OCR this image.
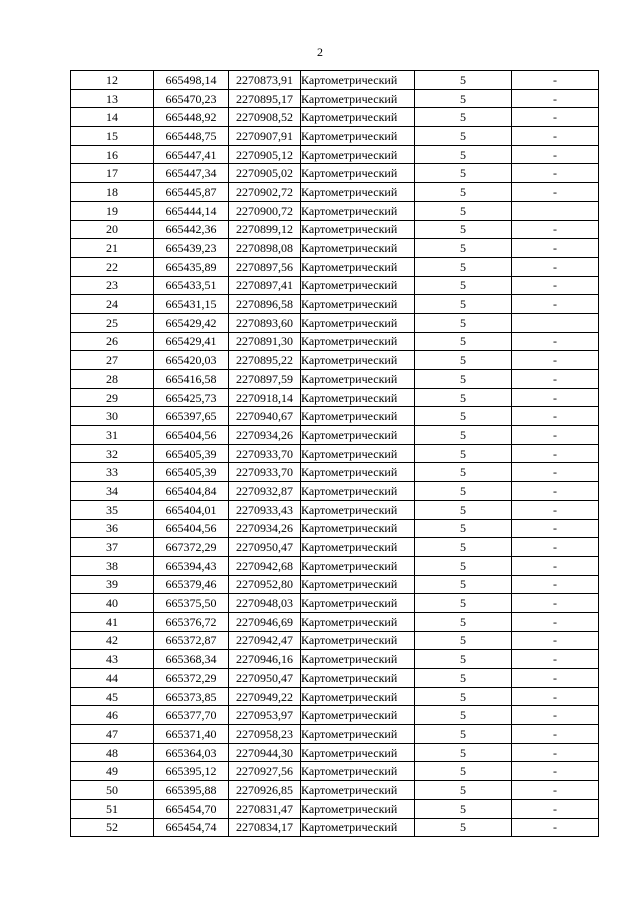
2
12	665498,14	2270873,91	Картометрический	5	-
13	665470,23	2270895,17	Картометрический	5	-
14	665448,92	2270908,52	Картометрический	5	-
15	665448,75	2270907,91	Картометрический	5	-
16	665447,41	2270905,12	Картометрический	5	-
17	665447,34	2270905,02	Картометрический	5	-
18	665445,87	2270902,72	Картометрический	5	-
19	665444,14	2270900,72	Картометрический	5	
20	665442,36	2270899,12	Картометрический	5	-
21	665439,23	2270898,08	Картометрический	5	-
22	665435,89	2270897,56	Картометрический	5	-
23	665433,51	2270897,41	Картометрический	5	-
24	665431,15	2270896,58	Картометрический	5	-
25	665429,42	2270893,60	Картометрический	5	
26	665429,41	2270891,30	Картометрический	5	-
27	665420,03	2270895,22	Картометрический	5	-
28	665416,58	2270897,59	Картометрический	5	-
29	665425,73	2270918,14	Картометрический	5	-
30	665397,65	2270940,67	Картометрический	5	-
31	665404,56	2270934,26	Картометрический	5	-
32	665405,39	2270933,70	Картометрический	5	-
33	665405,39	2270933,70	Картометрический	5	-
34	665404,84	2270932,87	Картометрический	5	-
35	665404,01	2270933,43	Картометрический	5	-
36	665404,56	2270934,26	Картометрический	5	-
37	667372,29	2270950,47	Картометрический	5	-
38	665394,43	2270942,68	Картометрический	5	-
39	665379,46	2270952,80	Картометрический	5	-
40	665375,50	2270948,03	Картометрический	5	-
41	665376,72	2270946,69	Картометрический	5	-
42	665372,87	2270942,47	Картометрический	5	-
43	665368,34	2270946,16	Картометрический	5	-
44	665372,29	2270950,47	Картометрический	5	-
45	665373,85	2270949,22	Картометрический	5	-
46	665377,70	2270953,97	Картометрический	5	-
47	665371,40	2270958,23	Картометрический	5	-
48	665364,03	2270944,30	Картометрический	5	-
49	665395,12	2270927,56	Картометрический	5	-
50	665395,88	2270926,85	Картометрический	5	-
51	665454,70	2270831,47	Картометрический	5	-
52	665454,74	2270834,17	Картометрический	5	-
